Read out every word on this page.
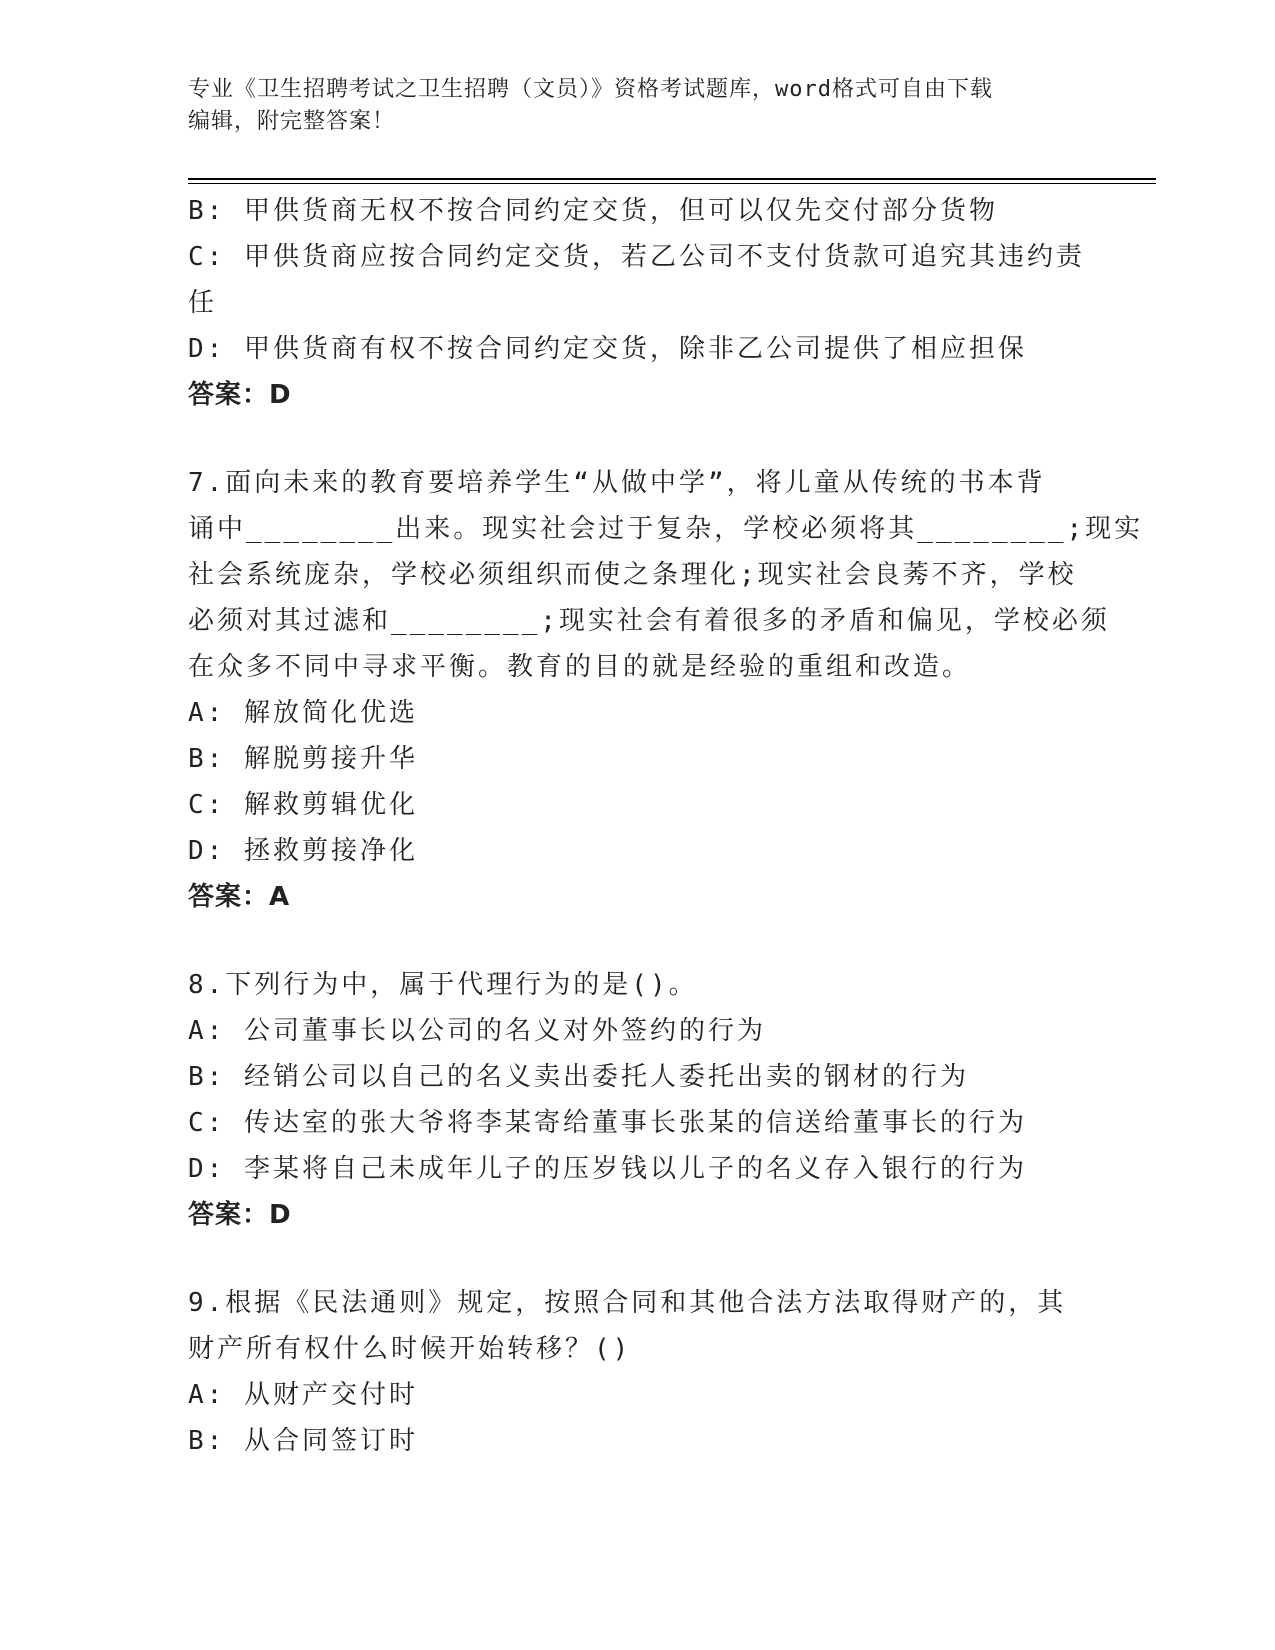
专业《卫生招聘考试之卫生招聘（文员）》资格考试题库，word格式可自由下载
编辑，附完整答案！
B: 甲供货商无权不按合同约定交货，但可以仅先交付部分货物
C: 甲供货商应按合同约定交货，若乙公司不支付货款可追究其违约责
任
D: 甲供货商有权不按合同约定交货，除非乙公司提供了相应担保
答案：D
7.面向未来的教育要培养学生“从做中学”，将儿童从传统的书本背
诵中________出来。现实社会过于复杂，学校必须将其________;现实
社会系统庞杂，学校必须组织而使之条理化;现实社会良莠不齐，学校
必须对其过滤和________;现实社会有着很多的矛盾和偏见，学校必须
在众多不同中寻求平衡。教育的目的就是经验的重组和改造。
A: 解放简化优选
B: 解脱剪接升华
C: 解救剪辑优化
D: 拯救剪接净化
答案：A
8.下列行为中，属于代理行为的是()。
A: 公司董事长以公司的名义对外签约的行为
B: 经销公司以自己的名义卖出委托人委托出卖的钢材的行为
C: 传达室的张大爷将李某寄给董事长张某的信送给董事长的行为
D: 李某将自己未成年儿子的压岁钱以儿子的名义存入银行的行为
答案：D
9.根据《民法通则》规定，按照合同和其他合法方法取得财产的，其
财产所有权什么时候开始转移？()
A: 从财产交付时
B: 从合同签订时
